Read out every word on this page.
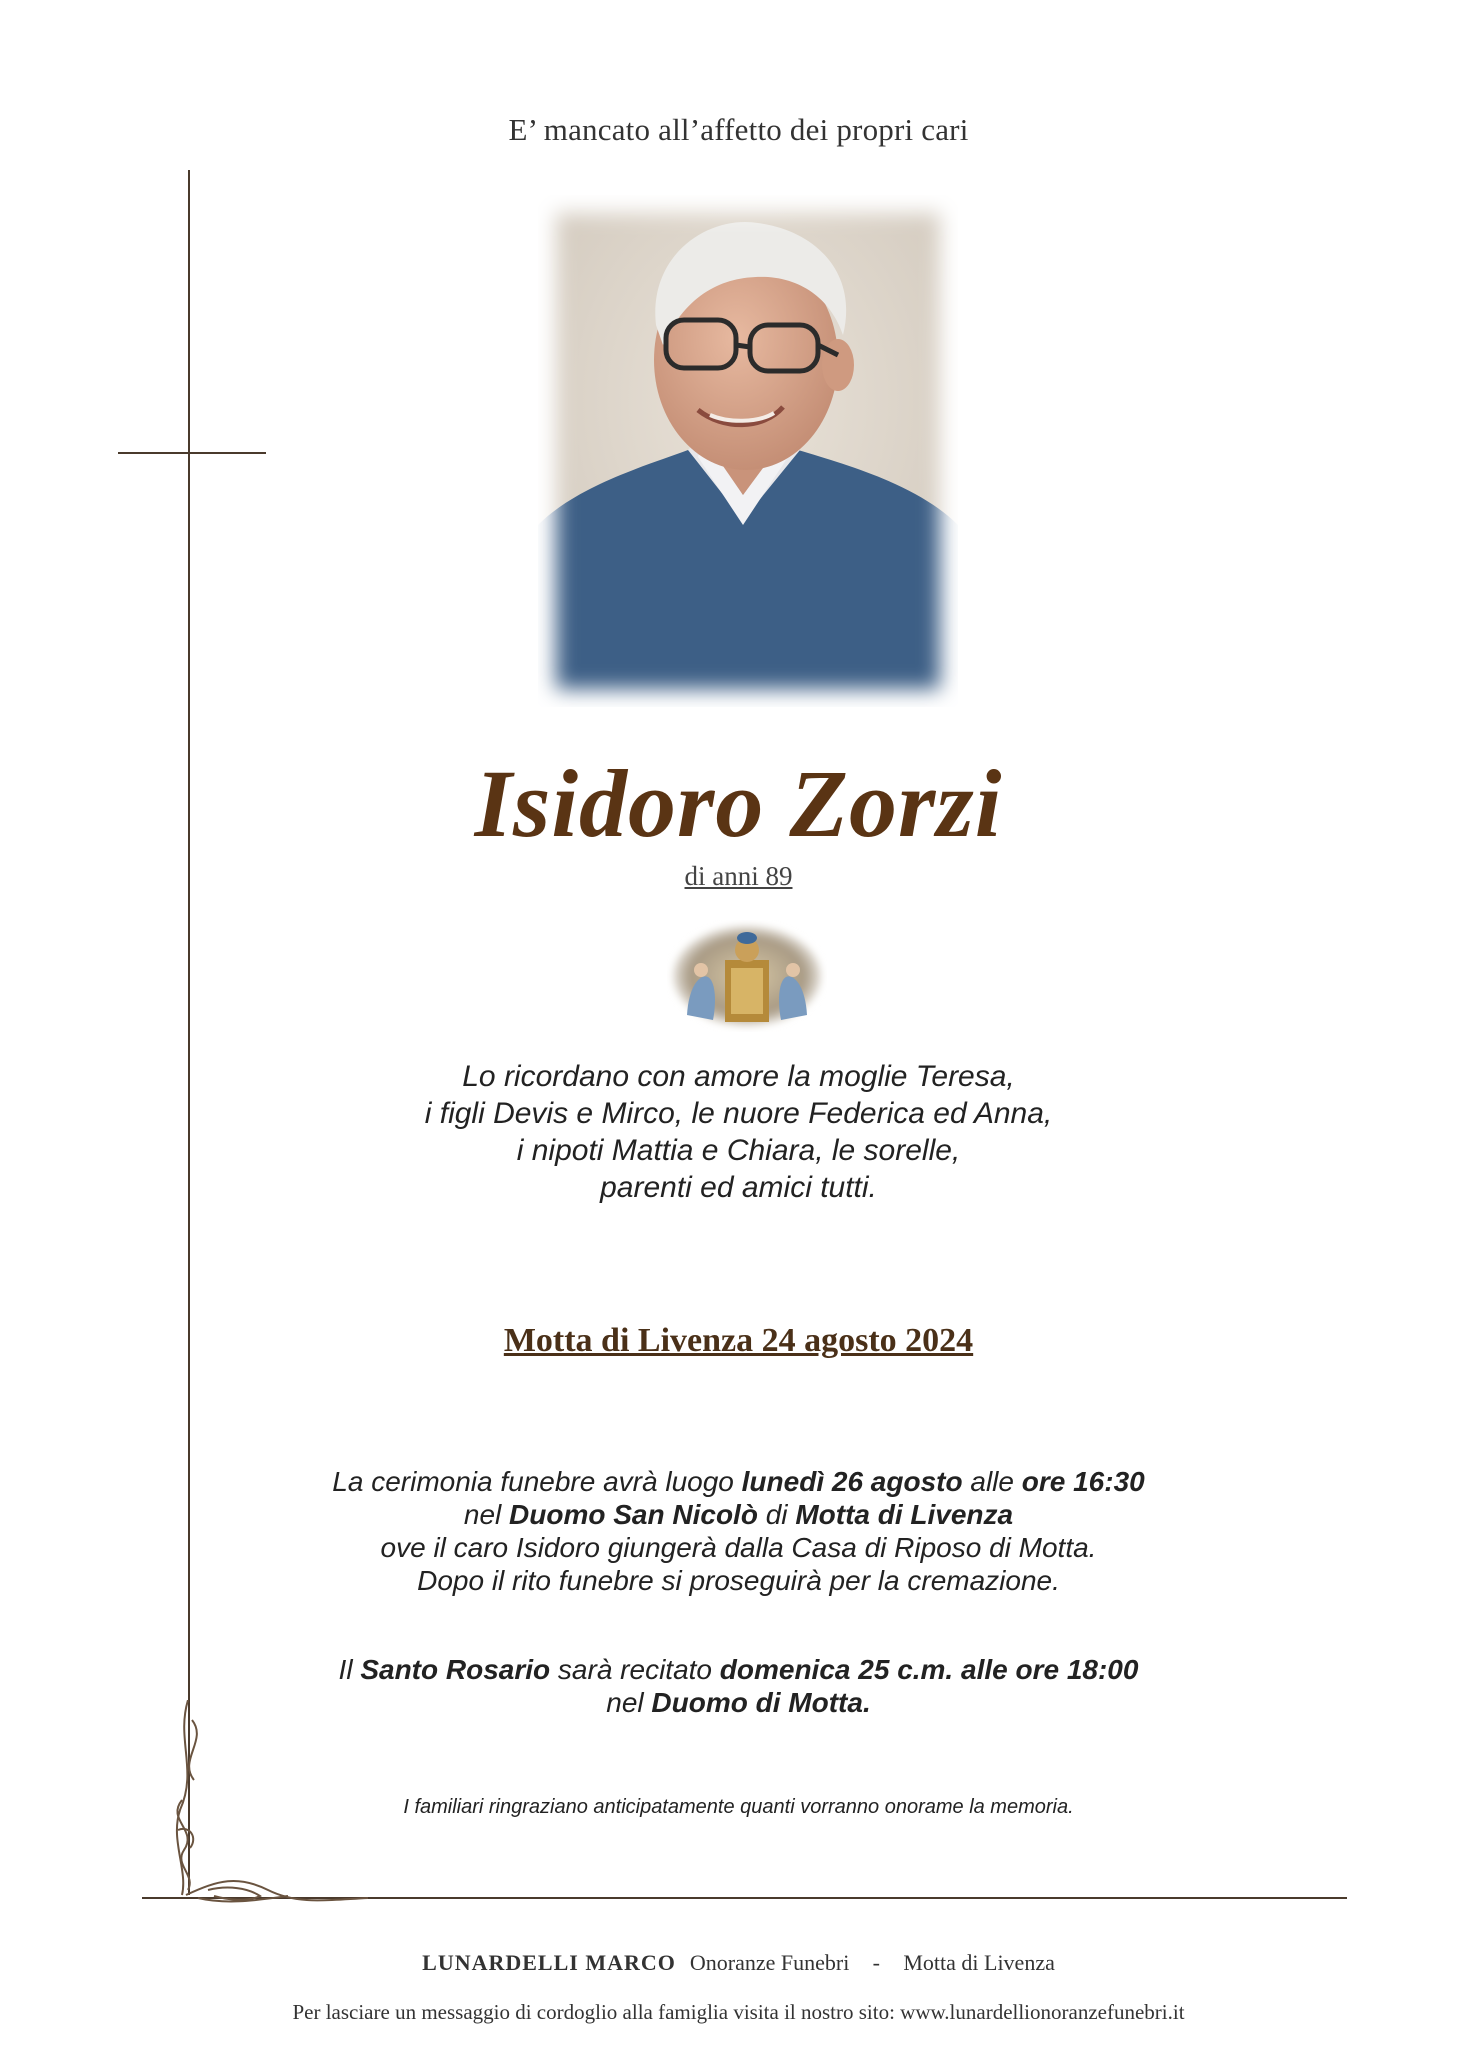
E’ mancato all’affetto dei propri cari
Isidoro Zorzi
di anni 89
Lo ricordano con amore la moglie Teresa,
i figli Devis e Mirco, le nuore Federica ed Anna,
i nipoti Mattia e Chiara, le sorelle,
parenti ed amici tutti.
Motta di Livenza 24 agosto 2024
La cerimonia funebre avrà luogo lunedì 26 agosto alle ore 16:30
nel Duomo San Nicolò di Motta di Livenza
ove il caro Isidoro giungerà dalla Casa di Riposo di Motta.
Dopo il rito funebre si proseguirà per la cremazione.
Il Santo Rosario sarà recitato domenica 25 c.m. alle ore 18:00
nel Duomo di Motta.
I familiari ringraziano anticipatamente quanti vorranno onorame la memoria.
LUNARDELLI MARCO Onoranze Funebri - Motta di Livenza
Per lasciare un messaggio di cordoglio alla famiglia visita il nostro sito: www.lunardellionoranzefunebri.it
